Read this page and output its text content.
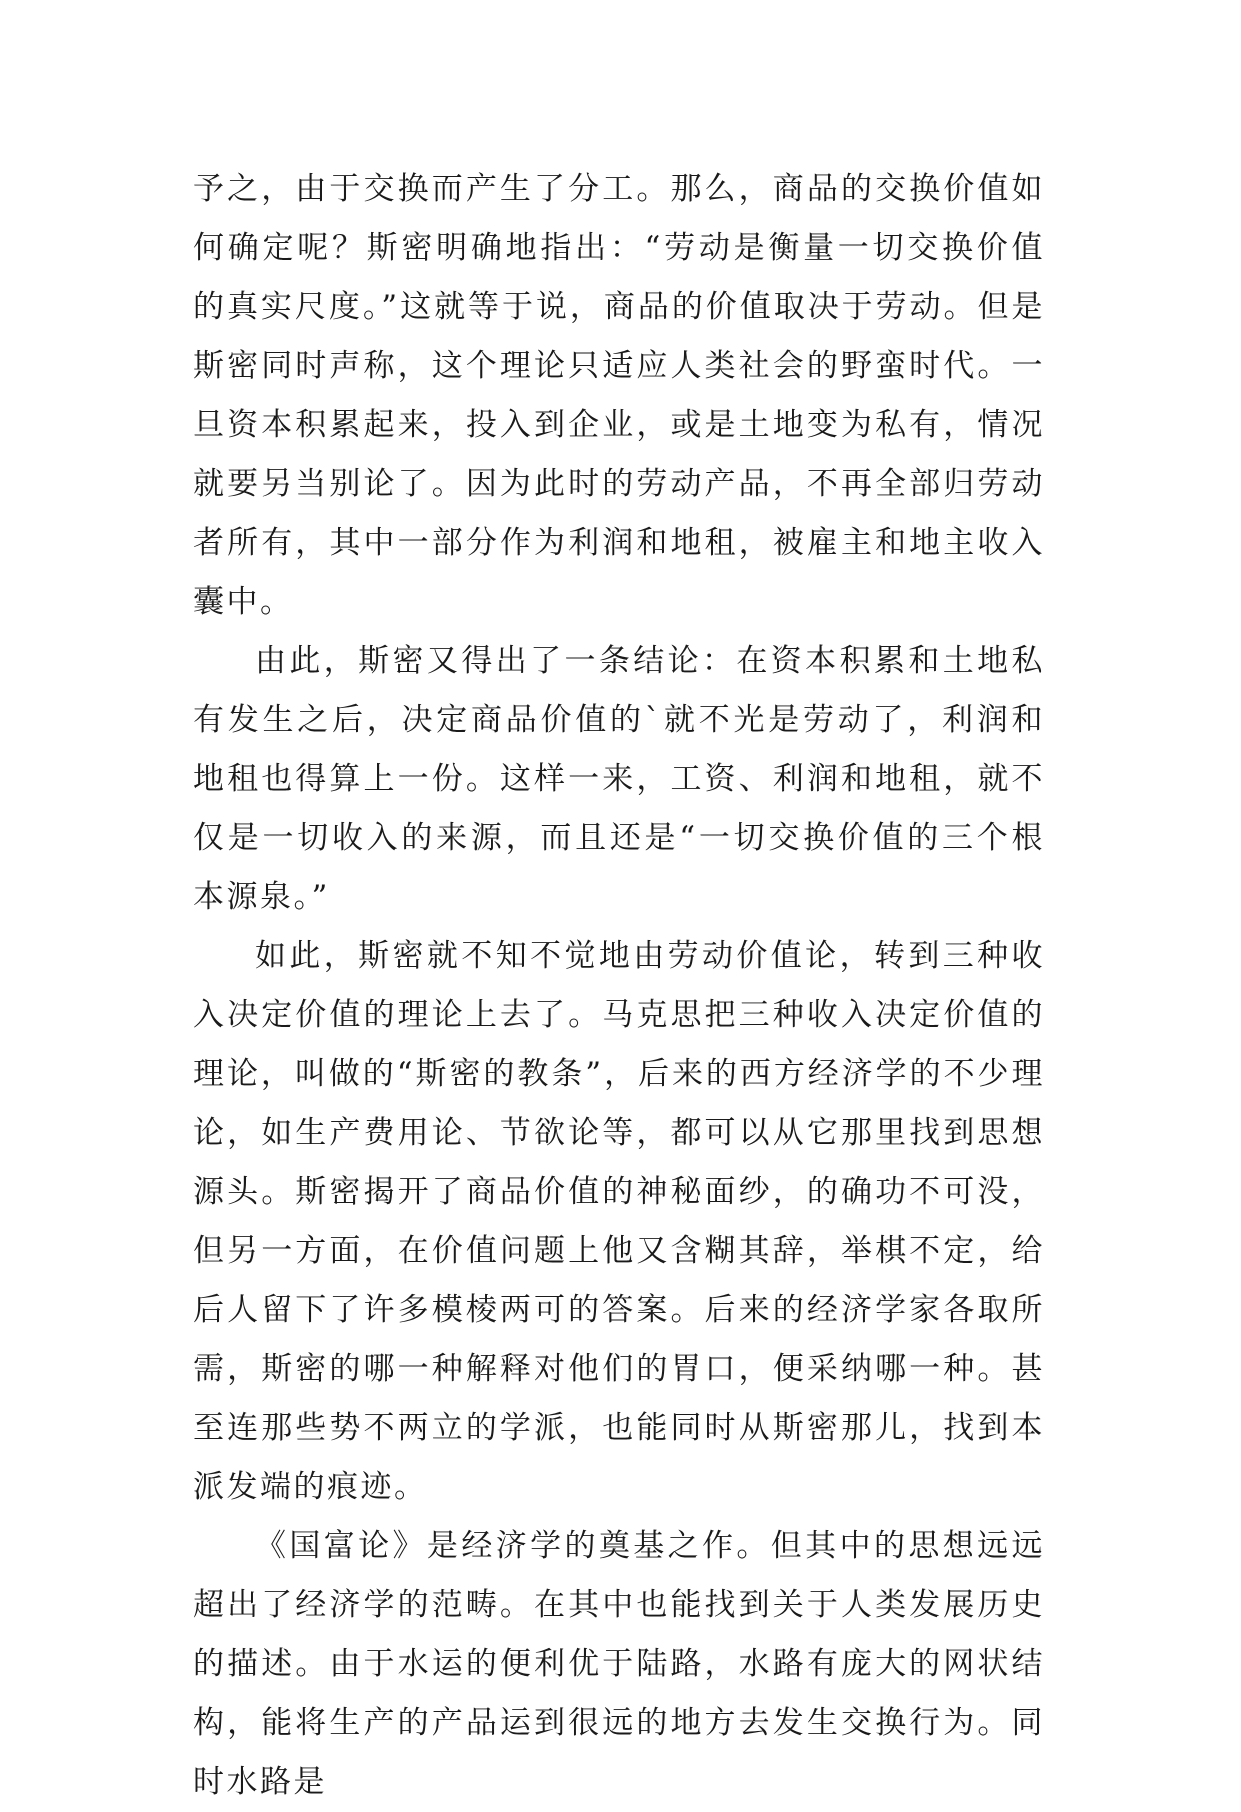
予之，由于交换而产生了分工。那么，商品的交换价值如何确定呢？斯密明确地指出：“劳动是衡量一切交换价值的真实尺度。”这就等于说，商品的价值取决于劳动。但是斯密同时声称，这个理论只适应人类社会的野蛮时代。一旦资本积累起来，投入到企业，或是土地变为私有，情况就要另当别论了。因为此时的劳动产品，不再全部归劳动者所有，其中一部分作为利润和地租，被雇主和地主收入囊中。

由此，斯密又得出了一条结论：在资本积累和土地私有发生之后，决定商品价值的`就不光是劳动了，利润和地租也得算上一份。这样一来，工资、利润和地租，就不仅是一切收入的来源，而且还是“一切交换价值的三个根本源泉。”

如此，斯密就不知不觉地由劳动价值论，转到三种收入决定价值的理论上去了。马克思把三种收入决定价值的理论，叫做的“斯密的教条”，后来的西方经济学的不少理论，如生产费用论、节欲论等，都可以从它那里找到思想源头。斯密揭开了商品价值的神秘面纱，的确功不可没，但另一方面，在价值问题上他又含糊其辞，举棋不定，给后人留下了许多模棱两可的答案。后来的经济学家各取所需，斯密的哪一种解释对他们的胃口，便采纳哪一种。甚至连那些势不两立的学派，也能同时从斯密那儿，找到本派发端的痕迹。

《国富论》是经济学的奠基之作。但其中的思想远远超出了经济学的范畴。在其中也能找到关于人类发展历史的描述。由于水运的便利优于陆路，水路有庞大的网状结构，能将生产的产品运到很远的地方去发生交换行为。同时水路是
